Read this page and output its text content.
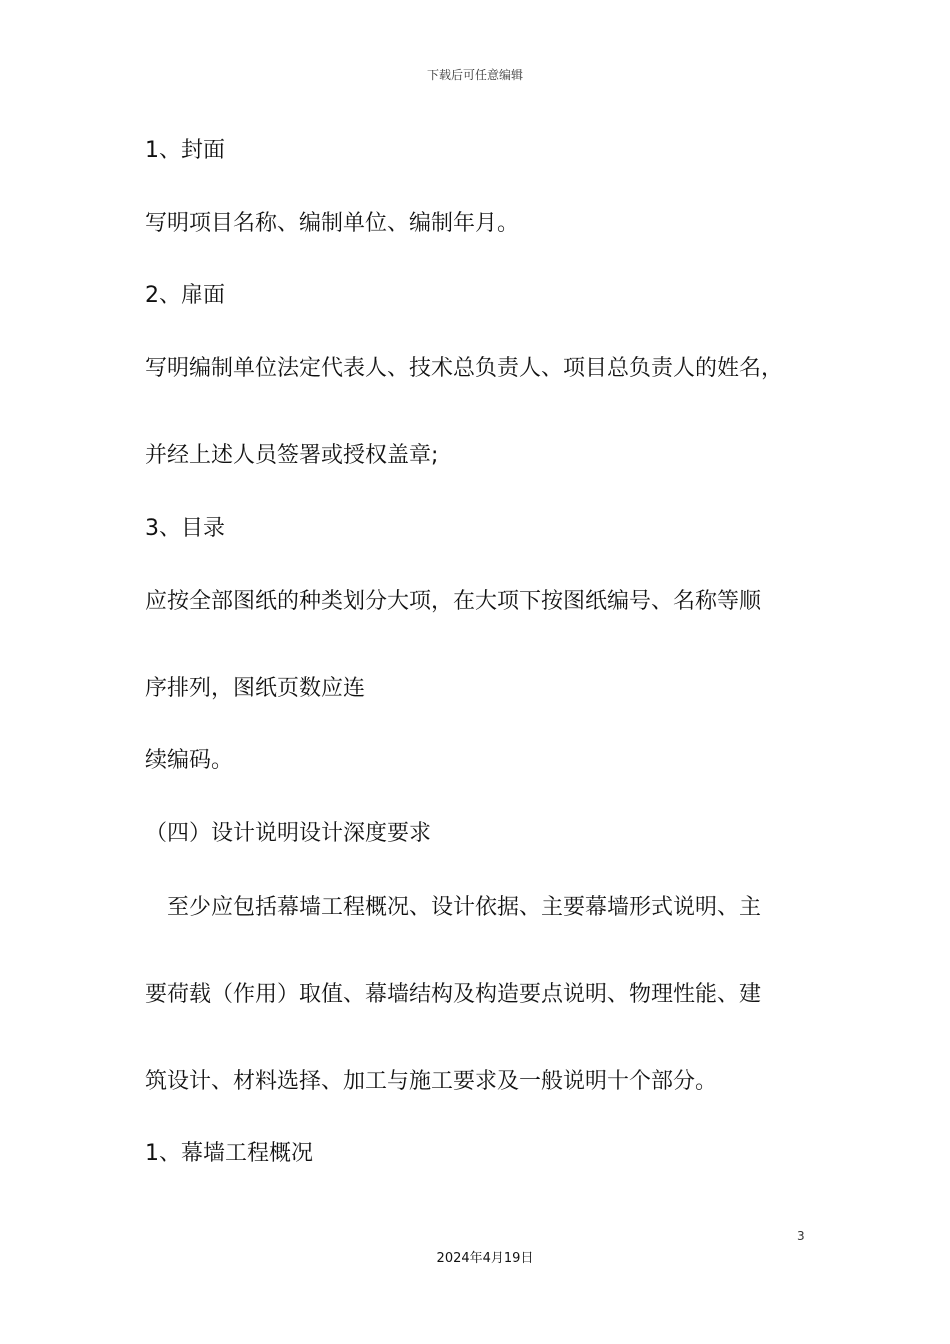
下载后可任意编辑
1、封面
写明项目名称、编制单位、编制年月。
2、扉面
写明编制单位法定代表人、技术总负责人、项目总负责人的姓名，
并经上述人员签署或授权盖章;
3、目录
应按全部图纸的种类划分大项，在大项下按图纸编号、名称等顺
序排列，图纸页数应连
续编码。
（四）设计说明设计深度要求
　至少应包括幕墙工程概况、设计依据、主要幕墙形式说明、主
要荷载（作用）取值、幕墙结构及构造要点说明、物理性能、建
筑设计、材料选择、加工与施工要求及一般说明十个部分。
1、幕墙工程概况
3
2024年4月19日
